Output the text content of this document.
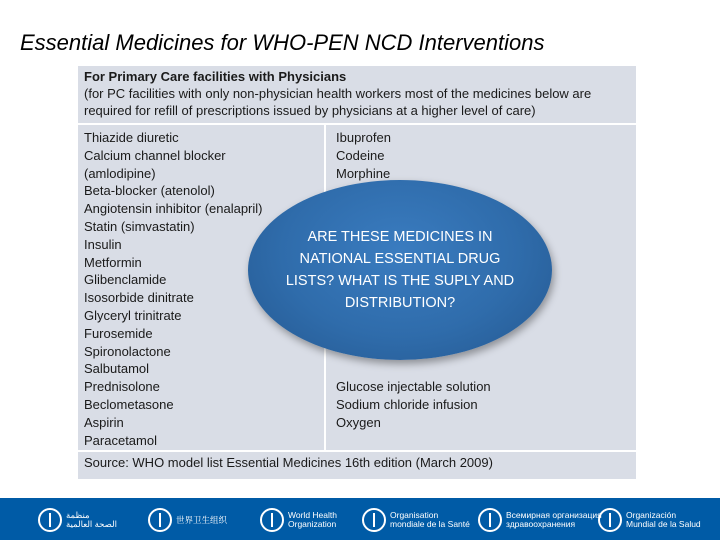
Essential Medicines for WHO-PEN NCD Interventions
For Primary Care facilities with Physicians
(for PC facilities with only non-physician health workers most of the medicines below are required for refill of prescriptions issued by physicians at a higher level of care)
Thiazide diuretic
Calcium channel blocker
(amlodipine)
Beta-blocker (atenolol)
Angiotensin inhibitor (enalapril)
Statin (simvastatin)
Insulin
Metformin
Glibenclamide
Isosorbide dinitrate
Glyceryl trinitrate
Furosemide
Spironolactone
Salbutamol
Prednisolone
Beclometasone
Aspirin
Paracetamol
Ibuprofen
Codeine
Morphine

Glucose injectable solution
Sodium chloride infusion
Oxygen
Source: WHO model list Essential Medicines 16th edition (March 2009)
ARE THESE MEDICINES IN NATIONAL ESSENTIAL DRUG LISTS? WHAT IS THE SUPLY AND DISTRIBUTION?
منظمة
الصحة العالمية	世界卫生组织	World Health
Organization
Organisation
mondiale de la Santé
Всемирная организация
здравоохранения
Organización
Mundial de la Salud
